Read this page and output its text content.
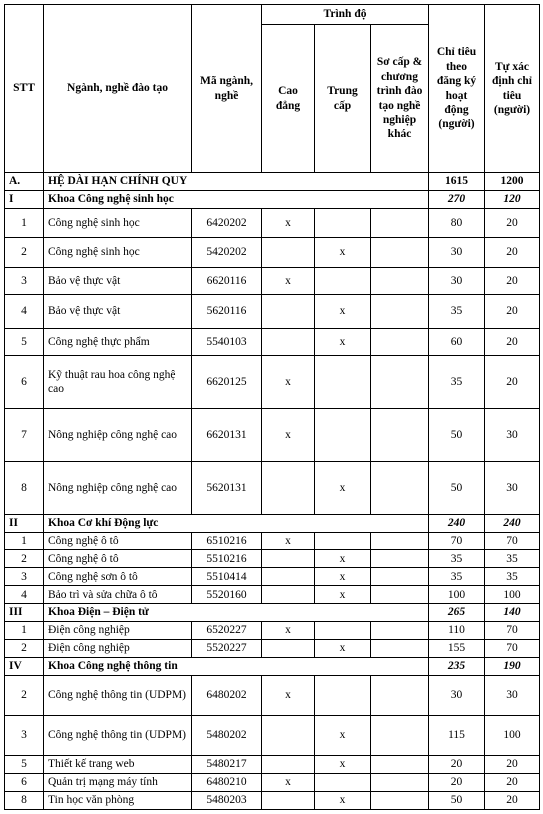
STT	Ngành, nghề đào tạo	Mã ngành, nghề	Trình độ			Chỉ tiêu theo đăng ký hoạt động (người)	Tự xác định chỉ tiêu (người)
			Cao đẳng	Trung cấp	Sơ cấp & chương trình đào tạo nghề nghiệp khác		
A.	HỆ DÀI HẠN CHÍNH QUY					1615	1200
I	Khoa Công nghệ sinh học					270	120
1	Công nghệ sinh học	6420202	x			80	20
2	Công nghệ sinh học	5420202		x		30	20
3	Bảo vệ thực vật	6620116	x			30	20
4	Bảo vệ thực vật	5620116		x		35	20
5	Công nghệ thực phẩm	5540103		x		60	20
6	Kỹ thuật rau hoa công nghệ cao	6620125	x			35	20
7	Nông nghiệp công nghệ cao	6620131	x			50	30
8	Nông nghiệp công nghệ cao	5620131		x		50	30
II	Khoa Cơ khí Động lực					240	240
1	Công nghệ ô tô	6510216	x			70	70
2	Công nghệ ô tô	5510216		x		35	35
3	Công nghệ sơn ô tô	5510414		x		35	35
4	Bảo trì và sửa chữa ô tô	5520160		x		100	100
III	Khoa Điện – Điện tử					265	140
1	Điện công nghiệp	6520227	x			110	70
2	Điện công nghiệp	5520227		x		155	70
IV	Khoa Công nghệ thông tin					235	190
2	Công nghệ thông tin (UDPM)	6480202	x			30	30
3	Công nghệ thông tin (UDPM)	5480202		x		115	100
5	Thiết kế trang web	5480217		x		20	20
6	Quản trị mạng máy tính	6480210	x			20	20
8	Tin học văn phòng	5480203		x		50	20
